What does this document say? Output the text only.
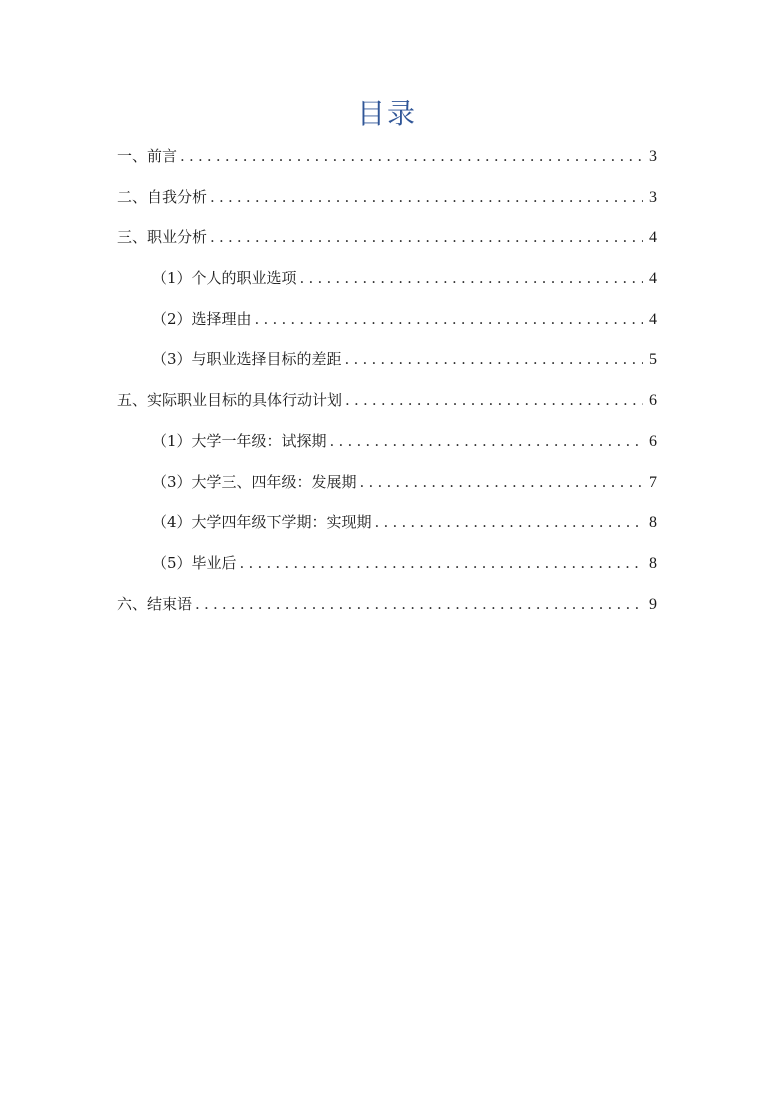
目录
一、前言 .....	3
二、自我分析 .....	3
三、职业分析 .....	4
（1）个人的职业选项 .....	4
（2）选择理由 .....	4
（3）与职业选择目标的差距 .....	5
五、实际职业目标的具体行动计划 .....	6
（1）大学一年级：试探期 .....	6
（3）大学三、四年级：发展期 .....	7
（4）大学四年级下学期：实现期 .....	8
（5）毕业后 .....	8
六、结束语 .....	9
